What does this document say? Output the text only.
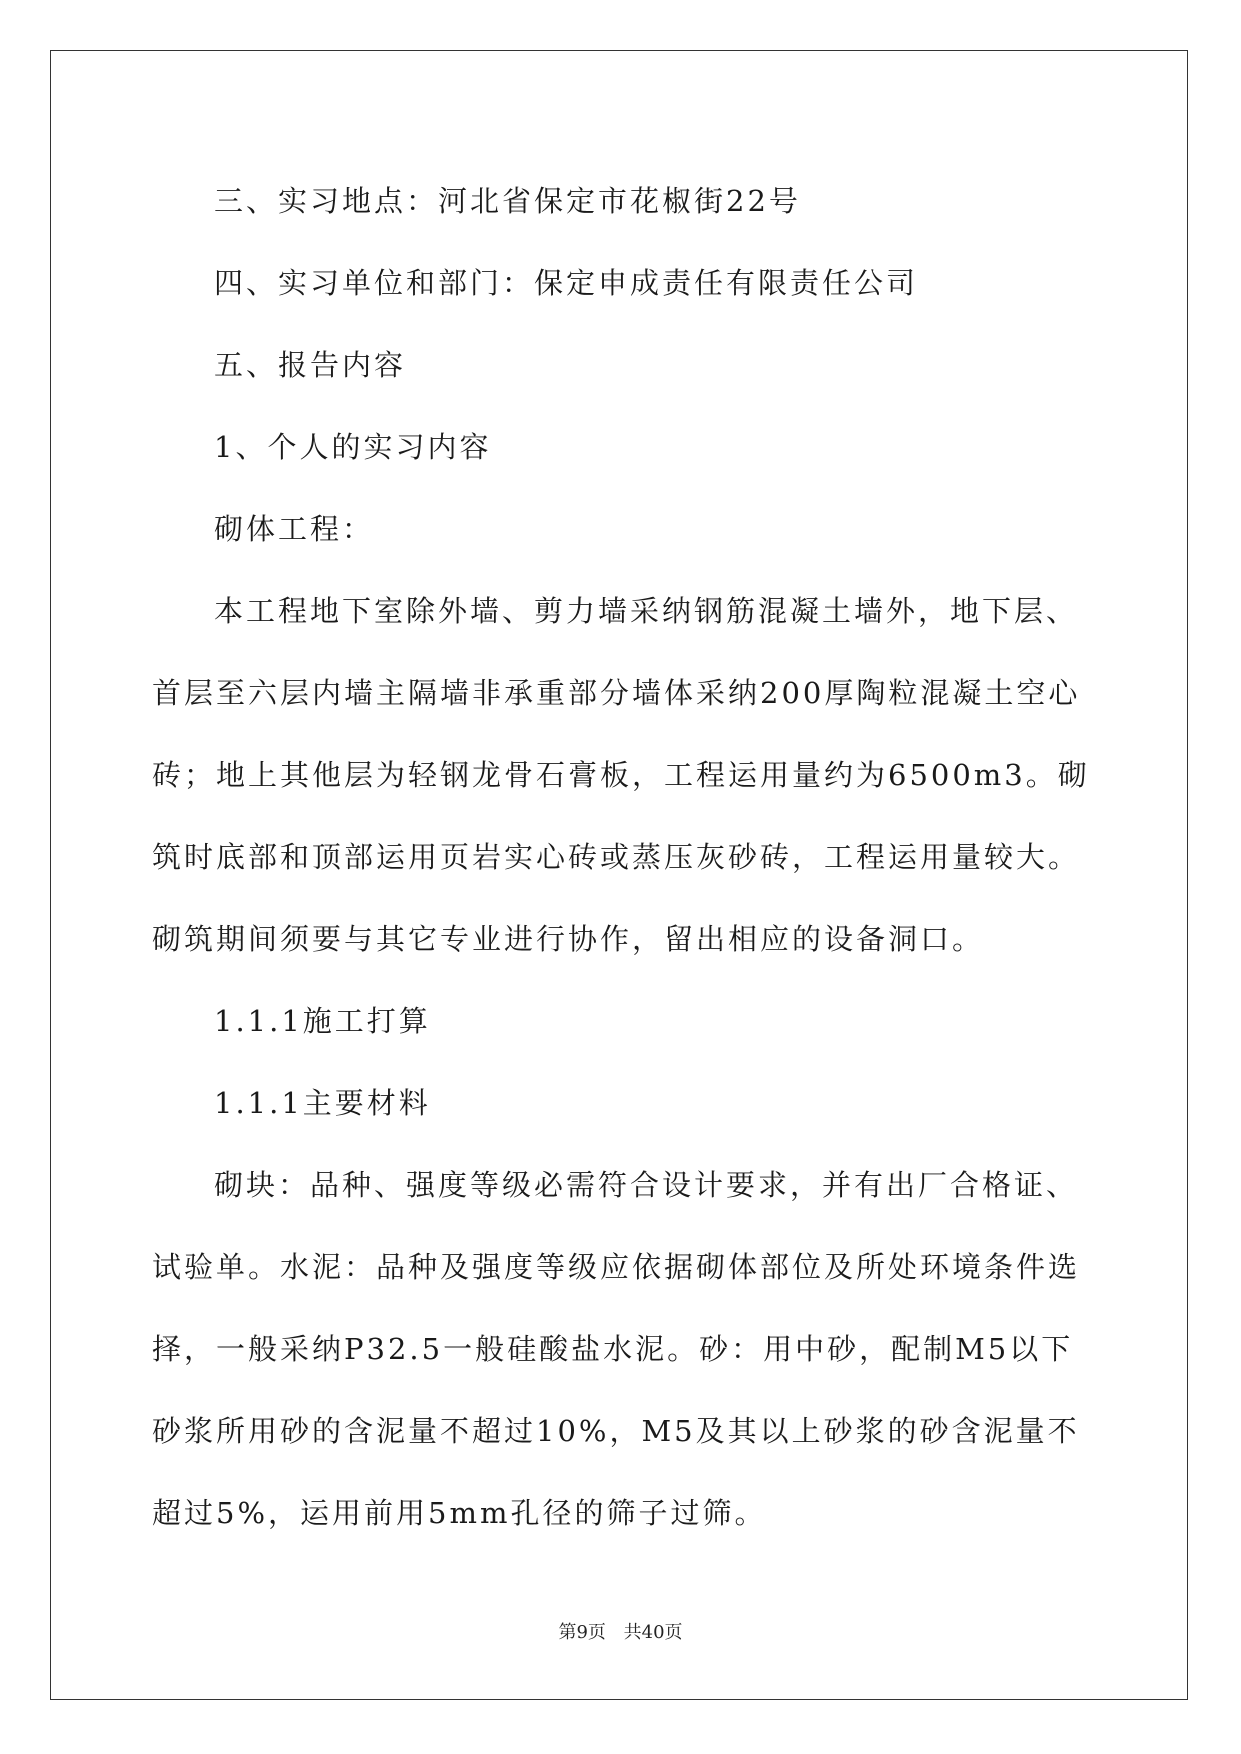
三、实习地点：河北省保定市花椒街22号

四、实习单位和部门：保定申成责任有限责任公司

五、报告内容

1、个人的实习内容

砌体工程：

本工程地下室除外墙、剪力墙采纳钢筋混凝土墙外，地下层、首层至六层内墙主隔墙非承重部分墙体采纳200厚陶粒混凝土空心砖；地上其他层为轻钢龙骨石膏板，工程运用量约为6500m3。砌筑时底部和顶部运用页岩实心砖或蒸压灰砂砖，工程运用量较大。砌筑期间须要与其它专业进行协作，留出相应的设备洞口。

1.1.1施工打算

1.1.1主要材料

砌块：品种、强度等级必需符合设计要求，并有出厂合格证、试验单。水泥：品种及强度等级应依据砌体部位及所处环境条件选择，一般采纳P32.5一般硅酸盐水泥。砂：用中砂，配制M5以下砂浆所用砂的含泥量不超过10%，M5及其以上砂浆的砂含泥量不超过5%，运用前用5mm孔径的筛子过筛。

第9页 共40页
